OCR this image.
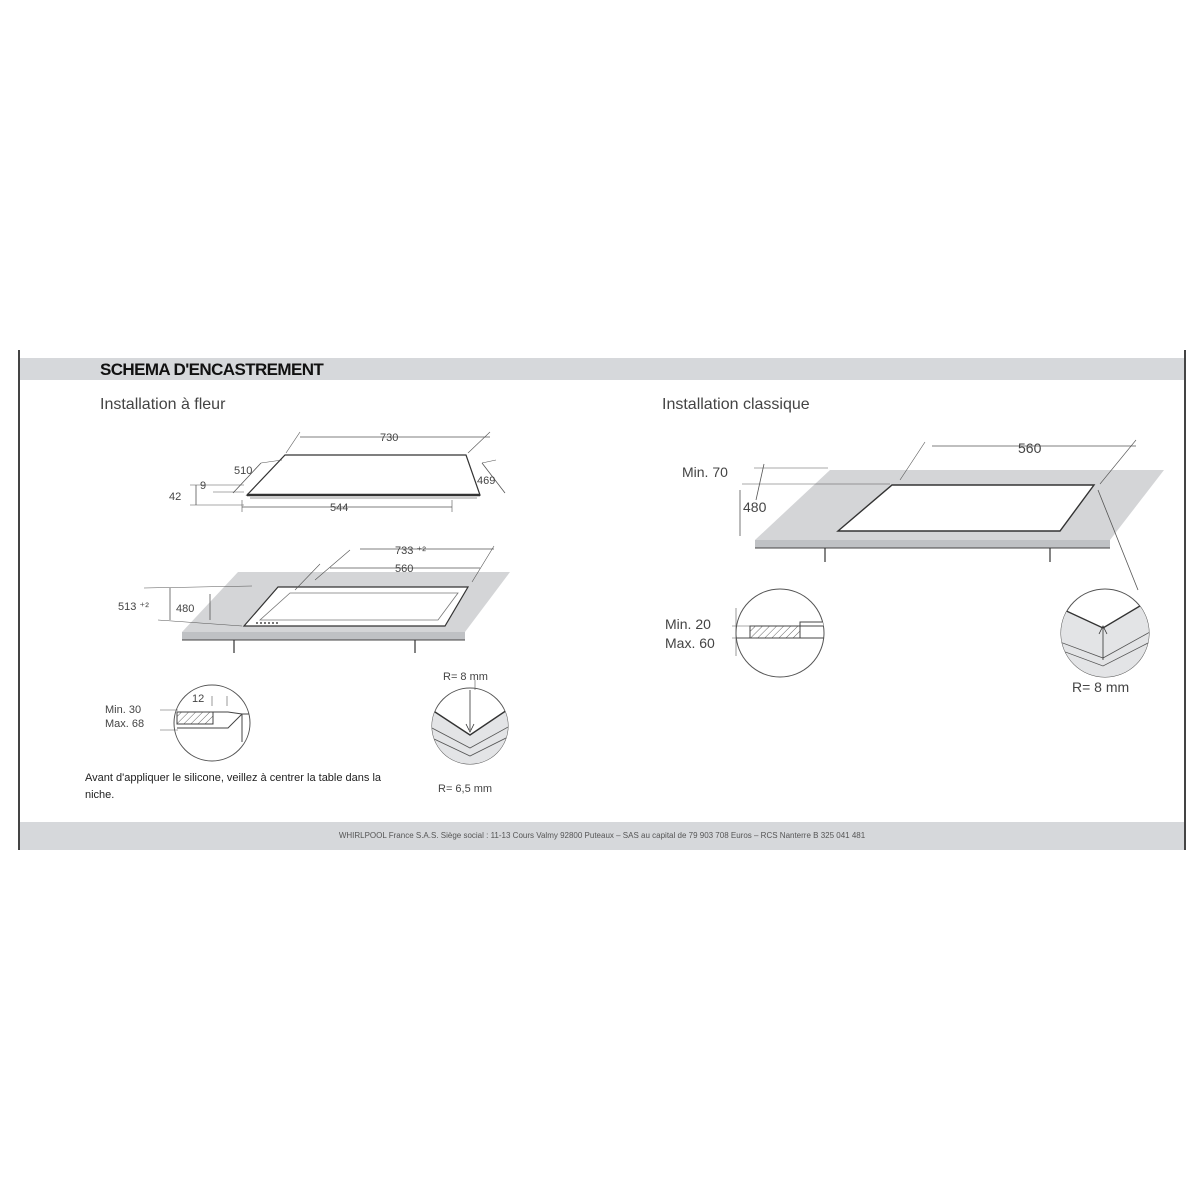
SCHEMA D'ENCASTREMENT
Installation à fleur	Installation classique
730
510
42
9	469
544
733 ⁺²
560
513 ⁺² 480
12
Min. 30
Max. 68
R= 8 mm
R= 6,5 mm
560
Min. 70
480
Min. 20
Max. 60
R= 8 mm
Avant d'appliquer le silicone, veillez à centrer la table dans la niche.
WHIRLPOOL France S.A.S. Siège social : 11-13 Cours Valmy 92800 Puteaux – SAS au capital de 79 903 708 Euros – RCS Nanterre B 325 041 481
